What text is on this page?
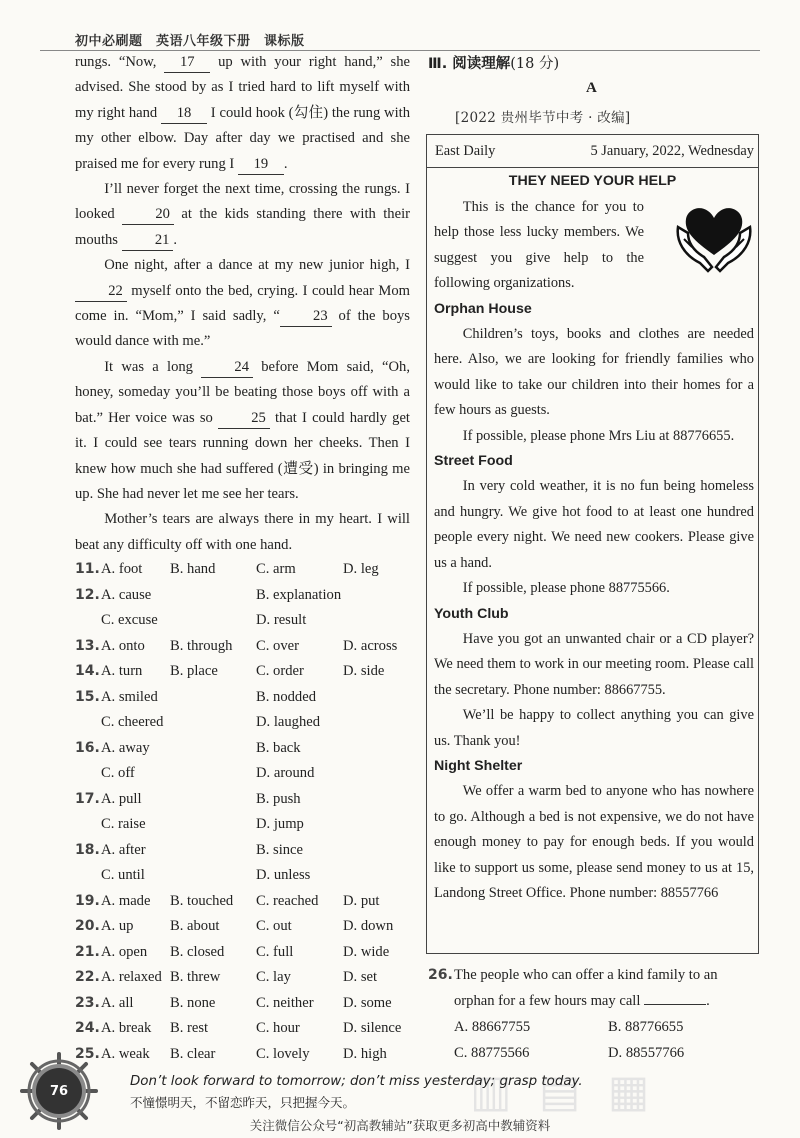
初中必刷题　英语八年级下册　课标版

rungs. “Now, 17 up with your right hand,” she advised. She stood by as I tried hard to lift myself with my right hand 18 I could hook (勾住) the rung with my other elbow. Day after day we practised and she praised me for every rung I 19 .

I’ll never forget the next time, crossing the rungs. I looked 20 at the kids standing there with their mouths 21 .

One night, after a dance at my new junior high, I 22 myself onto the bed, crying. I could hear Mom come in. “Mom,” I said sadly, “ 23 of the boys would dance with me.”

It was a long 24 before Mom said, “Oh, honey, someday you’ll be beating those boys off with a bat.” Her voice was so 25 that I could hardly get it. I could see tears running down her cheeks. Then I knew how much she had suffered (遭受) in bringing me up. She had never let me see her tears.

Mother’s tears are always there in my heart. I will beat any difficulty off with one hand.

11. A. foot B. hand	C. arm	D. leg
12. A. cause	B. explanation
C. excuse	D. result
13. A. onto B. through C. over	D. across
14. A. turn B. place	C. order	D. side
15. A. smiled	B. nodded
C. cheered	D. laughed
16. A. away	B. back
C. off	D. around
17. A. pull	B. push
C. raise	D. jump
18. A. after	B. since
C. until	D. unless
19. A. made B. touched C. reached D. put
20. A. up	B. about	C. out	D. down
21. A. open B. closed C. full	D. wide
22. A. relaxed B. threw C. lay	D. set
23. A. all	B. none	C. neither D. some
24. A. break B. rest	C. hour	D. silence
25. A. weak B. clear	C. lovely D. high
Ⅲ. 阅读理解(18 分)
A
[2022 贵州毕节中考 · 改编]
East Daily	5 January, 2022, Wednesday
THEY NEED YOUR HELP

This is the chance for you to help those less lucky members. We suggest you give help to the following organizations.

Orphan House

Children’s toys, books and clothes are needed here. Also, we are looking for friendly families who would like to take our children into their homes for a few hours as guests.

If possible, please phone Mrs Liu at 88776655.

Street Food

In very cold weather, it is no fun being homeless and hungry. We give hot food to at least one hundred people every night. We need new cookers. Please give us a hand.

If possible, please phone 88775566.

Youth Club

Have you got an unwanted chair or a CD player? We need them to work in our meeting room. Please call the secretary. Phone number: 88667755.

We’ll be happy to collect anything you can give us. Thank you!

Night Shelter

We offer a warm bed to anyone who has nowhere to go. Although a bed is not expensive, we do not have enough money to pay for enough beds. If you would like to support us some, please send money to us at 15, Landong Street Office. Phone number: 88557766

26. The people who can offer a kind family to an orphan for a few hours may call	.
A. 88667755	B. 88776655
C. 88775566	D. 88557766
76	▥ ▤ ▦
Don’t look forward to tomorrow; don’t miss yesterday; grasp today.
不憧憬明天，不留恋昨天，只把握今天。
关注微信公众号“初高教辅站”获取更多初高中教辅资料
